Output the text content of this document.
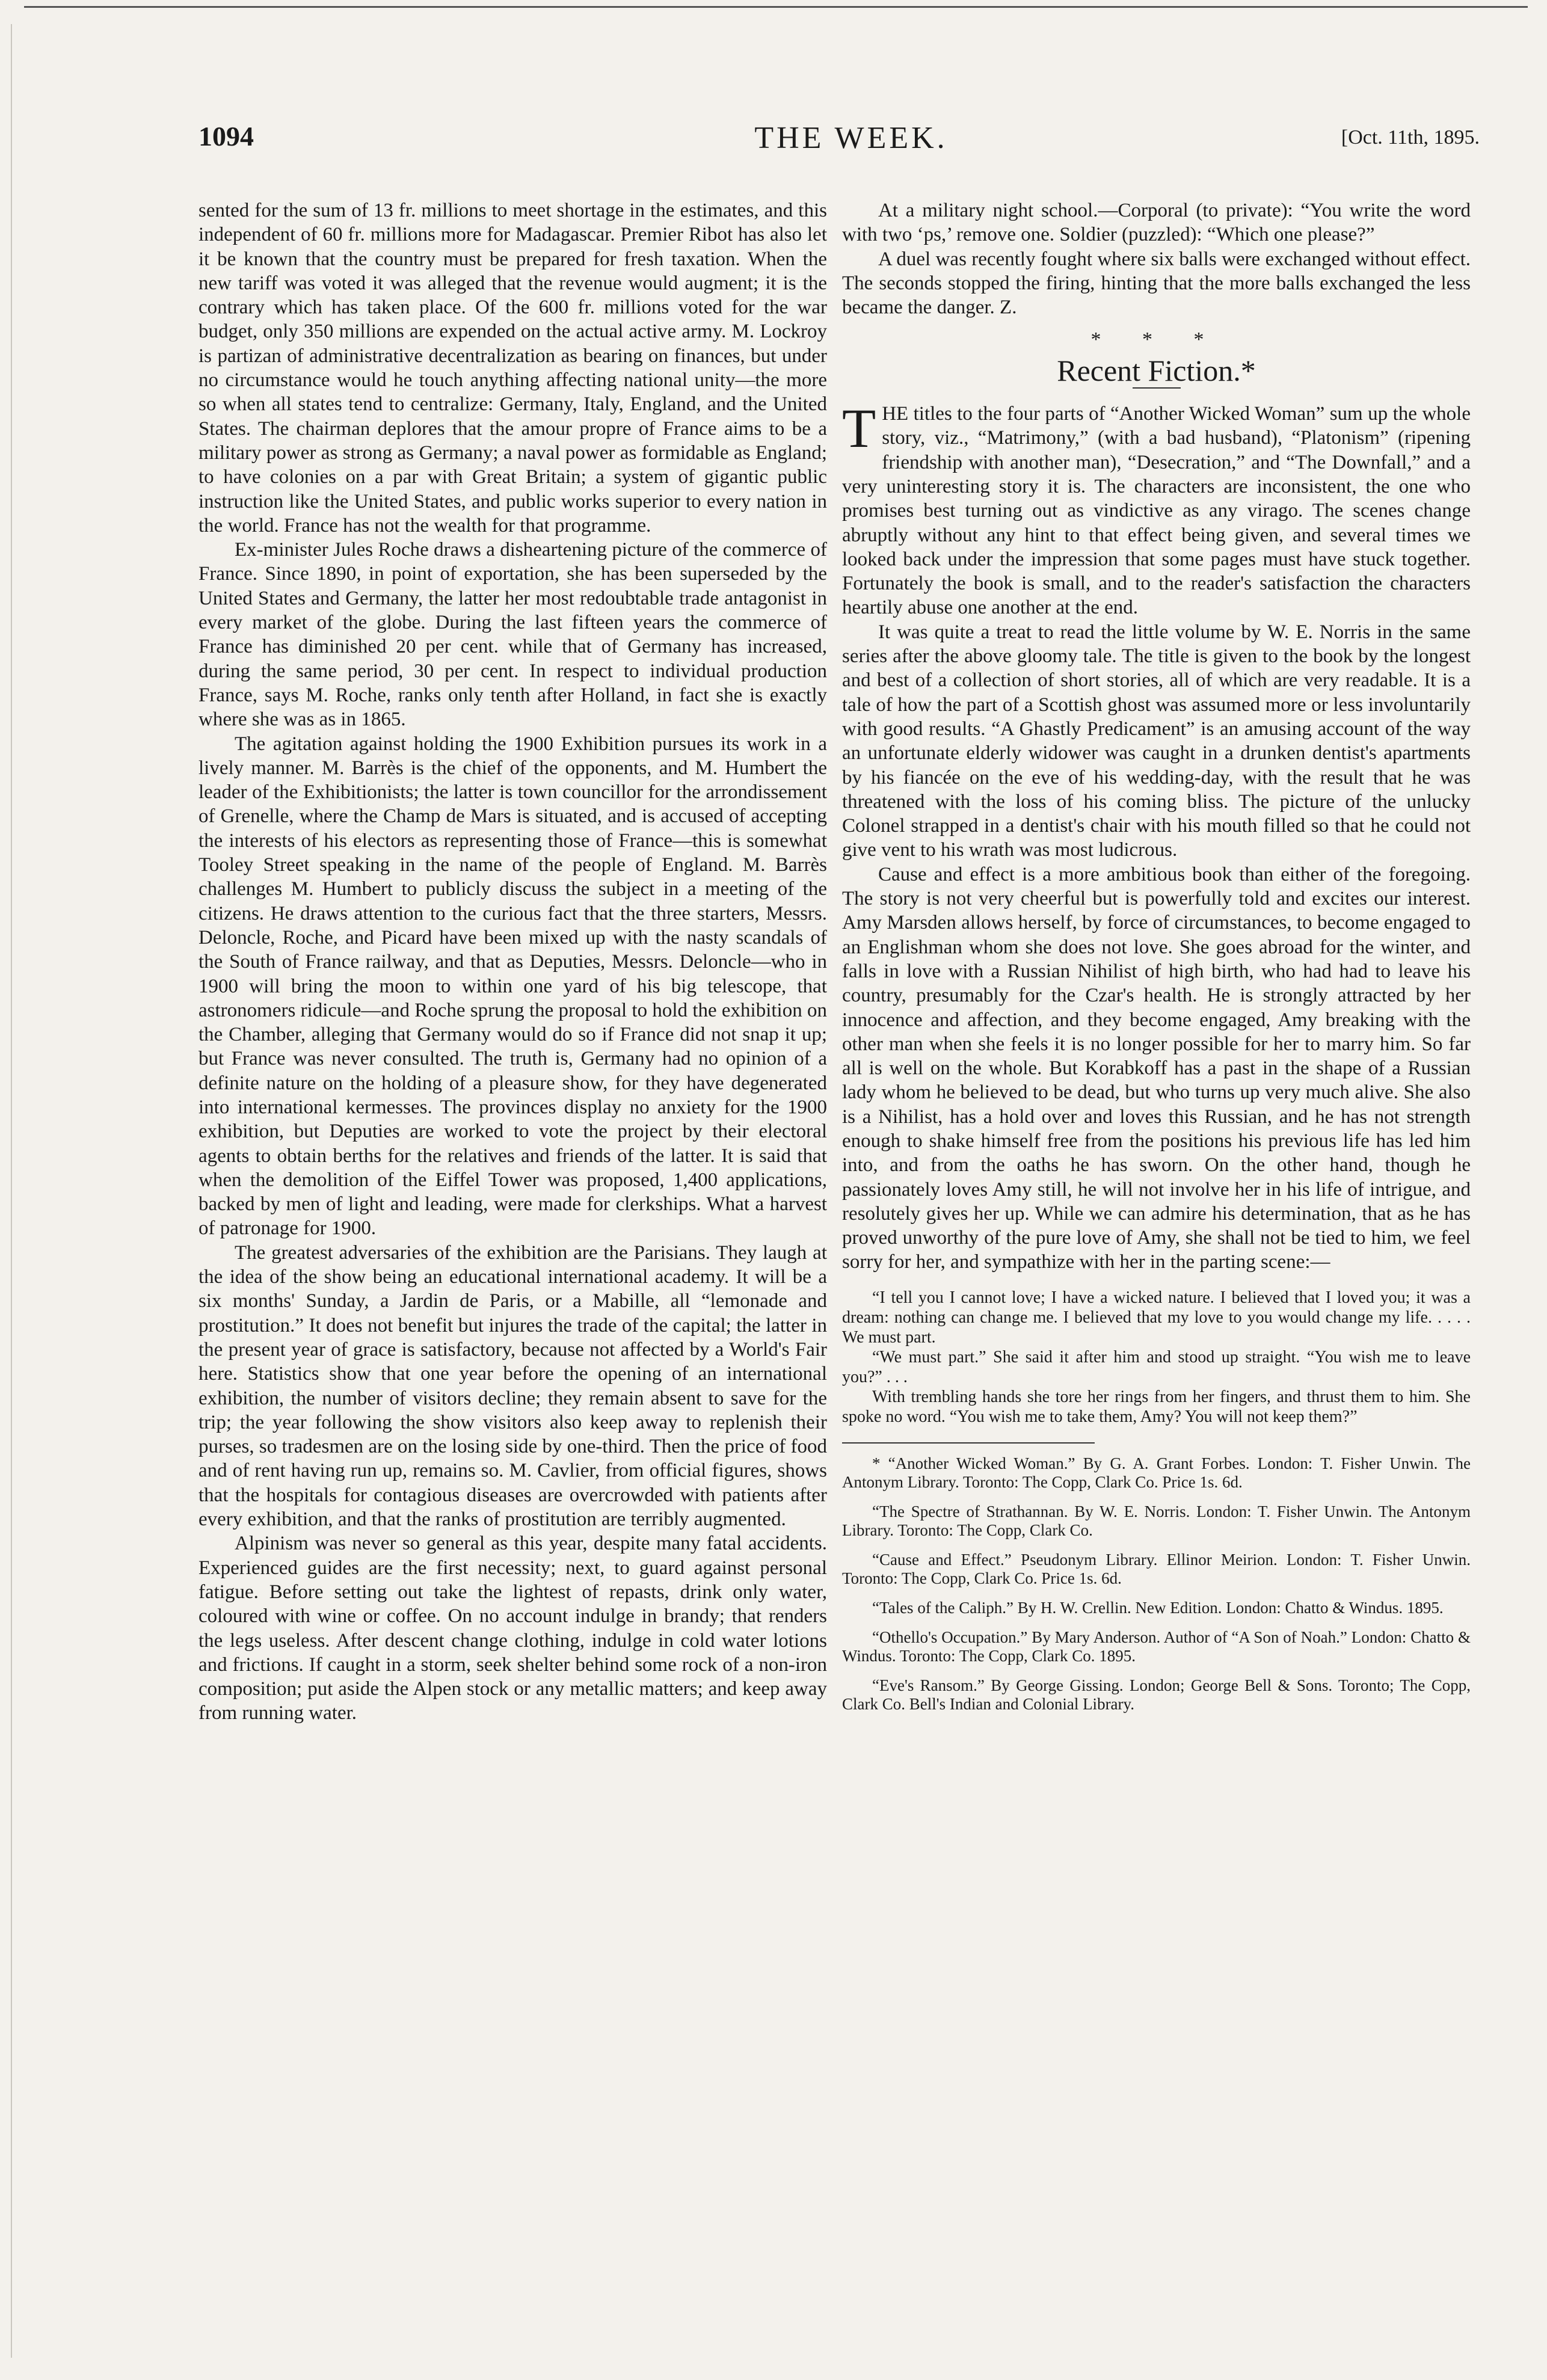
1094	THE WEEK.	[Oct. 11th, 1895.

sented for the sum of 13 fr. millions to meet shortage in the estimates, and this independent of 60 fr. millions more for Madagascar. Premier Ribot has also let it be known that the country must be prepared for fresh taxation. When the new tariff was voted it was alleged that the revenue would augment; it is the contrary which has taken place. Of the 600 fr. millions voted for the war budget, only 350 millions are expended on the actual active army. M. Lockroy is partizan of administrative decentralization as bearing on finances, but under no circumstance would he touch anything affecting national unity—the more so when all states tend to centralize: Germany, Italy, England, and the United States. The chairman deplores that the amour propre of France aims to be a military power as strong as Germany; a naval power as formidable as England; to have colonies on a par with Great Britain; a system of gigantic public instruction like the United States, and public works superior to every nation in the world. France has not the wealth for that programme.

Ex-minister Jules Roche draws a disheartening picture of the commerce of France. Since 1890, in point of exportation, she has been superseded by the United States and Germany, the latter her most redoubtable trade antagonist in every market of the globe. During the last fifteen years the commerce of France has diminished 20 per cent. while that of Germany has increased, during the same period, 30 per cent. In respect to individual production France, says M. Roche, ranks only tenth after Holland, in fact she is exactly where she was as in 1865.

The agitation against holding the 1900 Exhibition pursues its work in a lively manner. M. Barrès is the chief of the opponents, and M. Humbert the leader of the Exhibitionists; the latter is town councillor for the arrondissement of Grenelle, where the Champ de Mars is situated, and is accused of accepting the interests of his electors as representing those of France—this is somewhat Tooley Street speaking in the name of the people of England. M. Barrès challenges M. Humbert to publicly discuss the subject in a meeting of the citizens. He draws attention to the curious fact that the three starters, Messrs. Deloncle, Roche, and Picard have been mixed up with the nasty scandals of the South of France railway, and that as Deputies, Messrs. Deloncle—who in 1900 will bring the moon to within one yard of his big telescope, that astronomers ridicule—and Roche sprung the proposal to hold the exhibition on the Chamber, alleging that Germany would do so if France did not snap it up; but France was never consulted. The truth is, Germany had no opinion of a definite nature on the holding of a pleasure show, for they have degenerated into international kermesses. The provinces display no anxiety for the 1900 exhibition, but Deputies are worked to vote the project by their electoral agents to obtain berths for the relatives and friends of the latter. It is said that when the demolition of the Eiffel Tower was proposed, 1,400 applications, backed by men of light and leading, were made for clerkships. What a harvest of patronage for 1900.

The greatest adversaries of the exhibition are the Parisians. They laugh at the idea of the show being an educational international academy. It will be a six months' Sunday, a Jardin de Paris, or a Mabille, all “lemonade and prostitution.” It does not benefit but injures the trade of the capital; the latter in the present year of grace is satisfactory, because not affected by a World's Fair here. Statistics show that one year before the opening of an international exhibition, the number of visitors decline; they remain absent to save for the trip; the year following the show visitors also keep away to replenish their purses, so tradesmen are on the losing side by one-third. Then the price of food and of rent having run up, remains so. M. Cavlier, from official figures, shows that the hospitals for contagious diseases are overcrowded with patients after every exhibition, and that the ranks of prostitution are terribly augmented.

Alpinism was never so general as this year, despite many fatal accidents. Experienced guides are the first necessity; next, to guard against personal fatigue. Before setting out take the lightest of repasts, drink only water, coloured with wine or coffee. On no account indulge in brandy; that renders the legs useless. After descent change clothing, indulge in cold water lotions and frictions. If caught in a storm, seek shelter behind some rock of a non-iron composition; put aside the Alpen stock or any metallic matters; and keep away from running water.

At a military night school.—Corporal (to private): “You write the word with two ‘ps,’ remove one. Soldier (puzzled): “Which one please?”

A duel was recently fought where six balls were exchanged without effect. The seconds stopped the firing, hinting that the more balls exchanged the less became the danger. Z.

* * *
Recent Fiction.*

THE titles to the four parts of “Another Wicked Woman” sum up the whole story, viz., “Matrimony,” (with a bad husband), “Platonism” (ripening friendship with another man), “Desecration,” and “The Downfall,” and a very uninteresting story it is. The characters are inconsistent, the one who promises best turning out as vindictive as any virago. The scenes change abruptly without any hint to that effect being given, and several times we looked back under the impression that some pages must have stuck together. Fortunately the book is small, and to the reader's satisfaction the characters heartily abuse one another at the end.

It was quite a treat to read the little volume by W. E. Norris in the same series after the above gloomy tale. The title is given to the book by the longest and best of a collection of short stories, all of which are very readable. It is a tale of how the part of a Scottish ghost was assumed more or less involuntarily with good results. “A Ghastly Predicament” is an amusing account of the way an unfortunate elderly widower was caught in a drunken dentist's apartments by his fiancée on the eve of his wedding-day, with the result that he was threatened with the loss of his coming bliss. The picture of the unlucky Colonel strapped in a dentist's chair with his mouth filled so that he could not give vent to his wrath was most ludicrous.

Cause and effect is a more ambitious book than either of the foregoing. The story is not very cheerful but is powerfully told and excites our interest. Amy Marsden allows herself, by force of circumstances, to become engaged to an Englishman whom she does not love. She goes abroad for the winter, and falls in love with a Russian Nihilist of high birth, who had had to leave his country, presumably for the Czar's health. He is strongly attracted by her innocence and affection, and they become engaged, Amy breaking with the other man when she feels it is no longer possible for her to marry him. So far all is well on the whole. But Korabkoff has a past in the shape of a Russian lady whom he believed to be dead, but who turns up very much alive. She also is a Nihilist, has a hold over and loves this Russian, and he has not strength enough to shake himself free from the positions his previous life has led him into, and from the oaths he has sworn. On the other hand, though he passionately loves Amy still, he will not involve her in his life of intrigue, and resolutely gives her up. While we can admire his determination, that as he has proved unworthy of the pure love of Amy, she shall not be tied to him, we feel sorry for her, and sympathize with her in the parting scene:—

“I tell you I cannot love; I have a wicked nature. I believed that I loved you; it was a dream: nothing can change me. I believed that my love to you would change my life. . . . . We must part.

“We must part.” She said it after him and stood up straight. “You wish me to leave you?” . . .

With trembling hands she tore her rings from her fingers, and thrust them to him. She spoke no word. “You wish me to take them, Amy? You will not keep them?”

* “Another Wicked Woman.” By G. A. Grant Forbes. London: T. Fisher Unwin. The Antonym Library. Toronto: The Copp, Clark Co. Price 1s. 6d.

“The Spectre of Strathannan. By W. E. Norris. London: T. Fisher Unwin. The Antonym Library. Toronto: The Copp, Clark Co.

“Cause and Effect.” Pseudonym Library. Ellinor Meirion. London: T. Fisher Unwin. Toronto: The Copp, Clark Co. Price 1s. 6d.

“Tales of the Caliph.” By H. W. Crellin. New Edition. London: Chatto & Windus. 1895.

“Othello's Occupation.” By Mary Anderson. Author of “A Son of Noah.” London: Chatto & Windus. Toronto: The Copp, Clark Co. 1895.

“Eve's Ransom.” By George Gissing. London; George Bell & Sons. Toronto; The Copp, Clark Co. Bell's Indian and Colonial Library.
